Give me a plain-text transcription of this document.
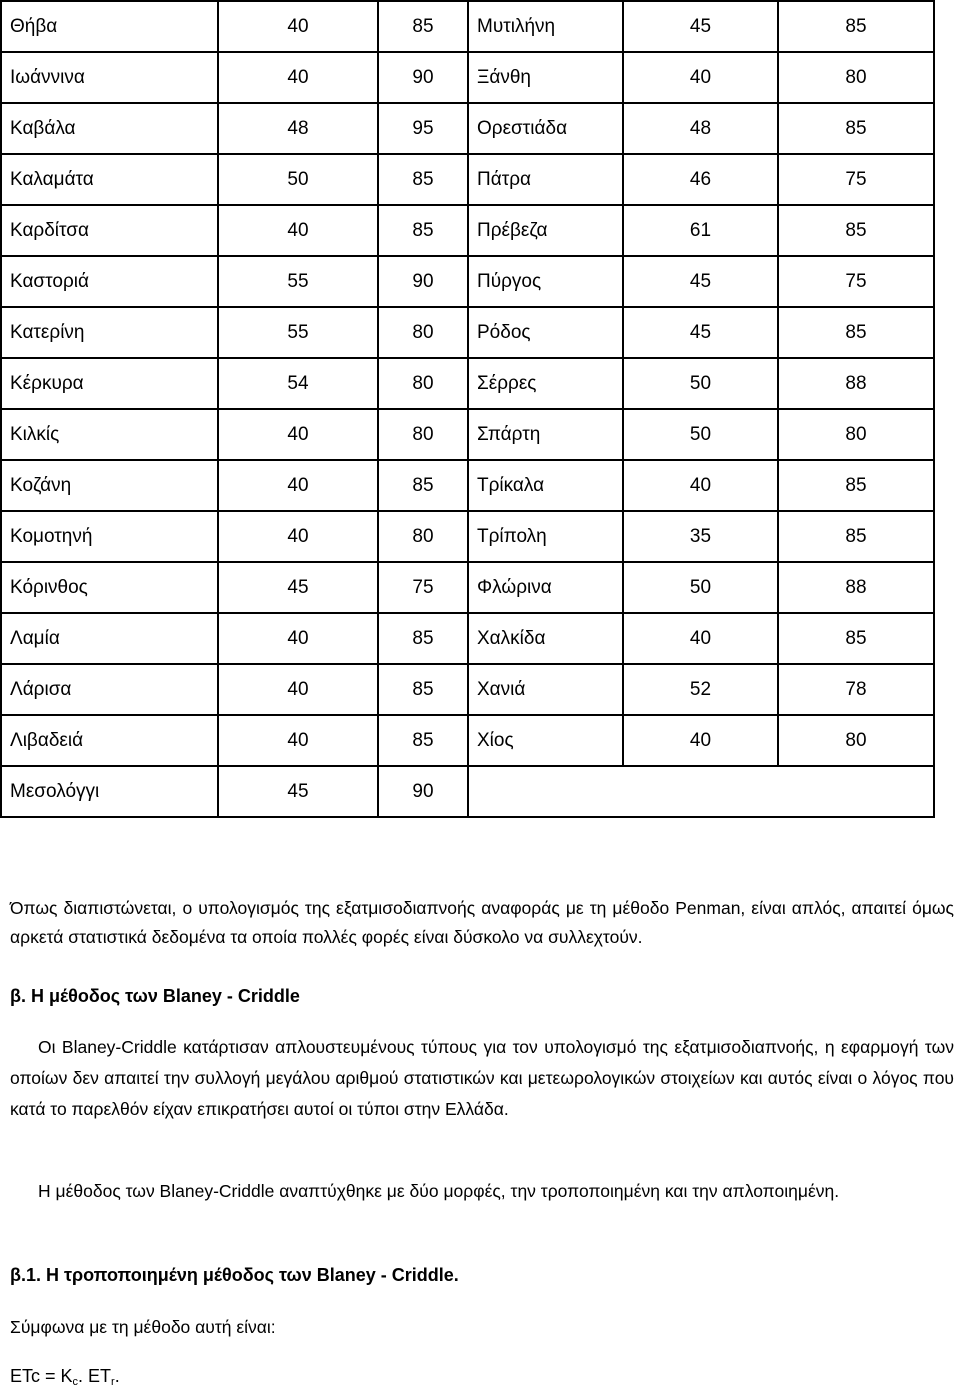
Θήβα	40	85	Μυτιλήνη	45	85
Ιωάννινα	40	90	Ξάνθη	40	80
Καβάλα	48	95	Ορεστιάδα	48	85
Καλαμάτα	50	85	Πάτρα	46	75
Καρδίτσα	40	85	Πρέβεζα	61	85
Καστοριά	55	90	Πύργος	45	75
Κατερίνη	55	80	Ρόδος	45	85
Κέρκυρα	54	80	Σέρρες	50	88
Κιλκίς	40	80	Σπάρτη	50	80
Κοζάνη	40	85	Τρίκαλα	40	85
Κομοτηνή	40	80	Τρίπολη	35	85
Κόρινθος	45	75	Φλώρινα	50	88
Λαμία	40	85	Χαλκίδα	40	85
Λάρισα	40	85	Χανιά	52	78
Λιβαδειά	40	85	Χίος	40	80
Μεσολόγγι	45	90			
Όπως διαπιστώνεται, ο υπολογισμός της εξατμισοδιαπνοής αναφοράς με τη μέθοδο Penman, είναι απλός, απαιτεί όμως αρκετά στατιστικά δεδομένα τα οποία πολλές φορές είναι δύσκολο να συλλεχτούν.
β. Η μέθοδος των Blaney - Criddle
Οι Blaney-Criddle κατάρτισαν απλουστευμένους τύπους για τον υπολογισμό της εξατμισοδιαπνοής, η εφαρμογή των οποίων δεν απαιτεί την συλλογή μεγάλου αριθμού στατιστικών και μετεωρολογικών στοιχείων και αυτός είναι ο λόγος που κατά το παρελθόν είχαν επικρατήσει αυτοί οι τύποι στην Ελλάδα.
Η μέθοδος των Blaney-Criddle αναπτύχθηκε με δύο μορφές, την τροποποιημένη και την απλοποιημένη.
β.1. Η τροποποιημένη μέθοδος των Blaney - Criddle.
Σύμφωνα με τη μέθοδο αυτή είναι:
ETc = $K_c$. $ET_r$.
